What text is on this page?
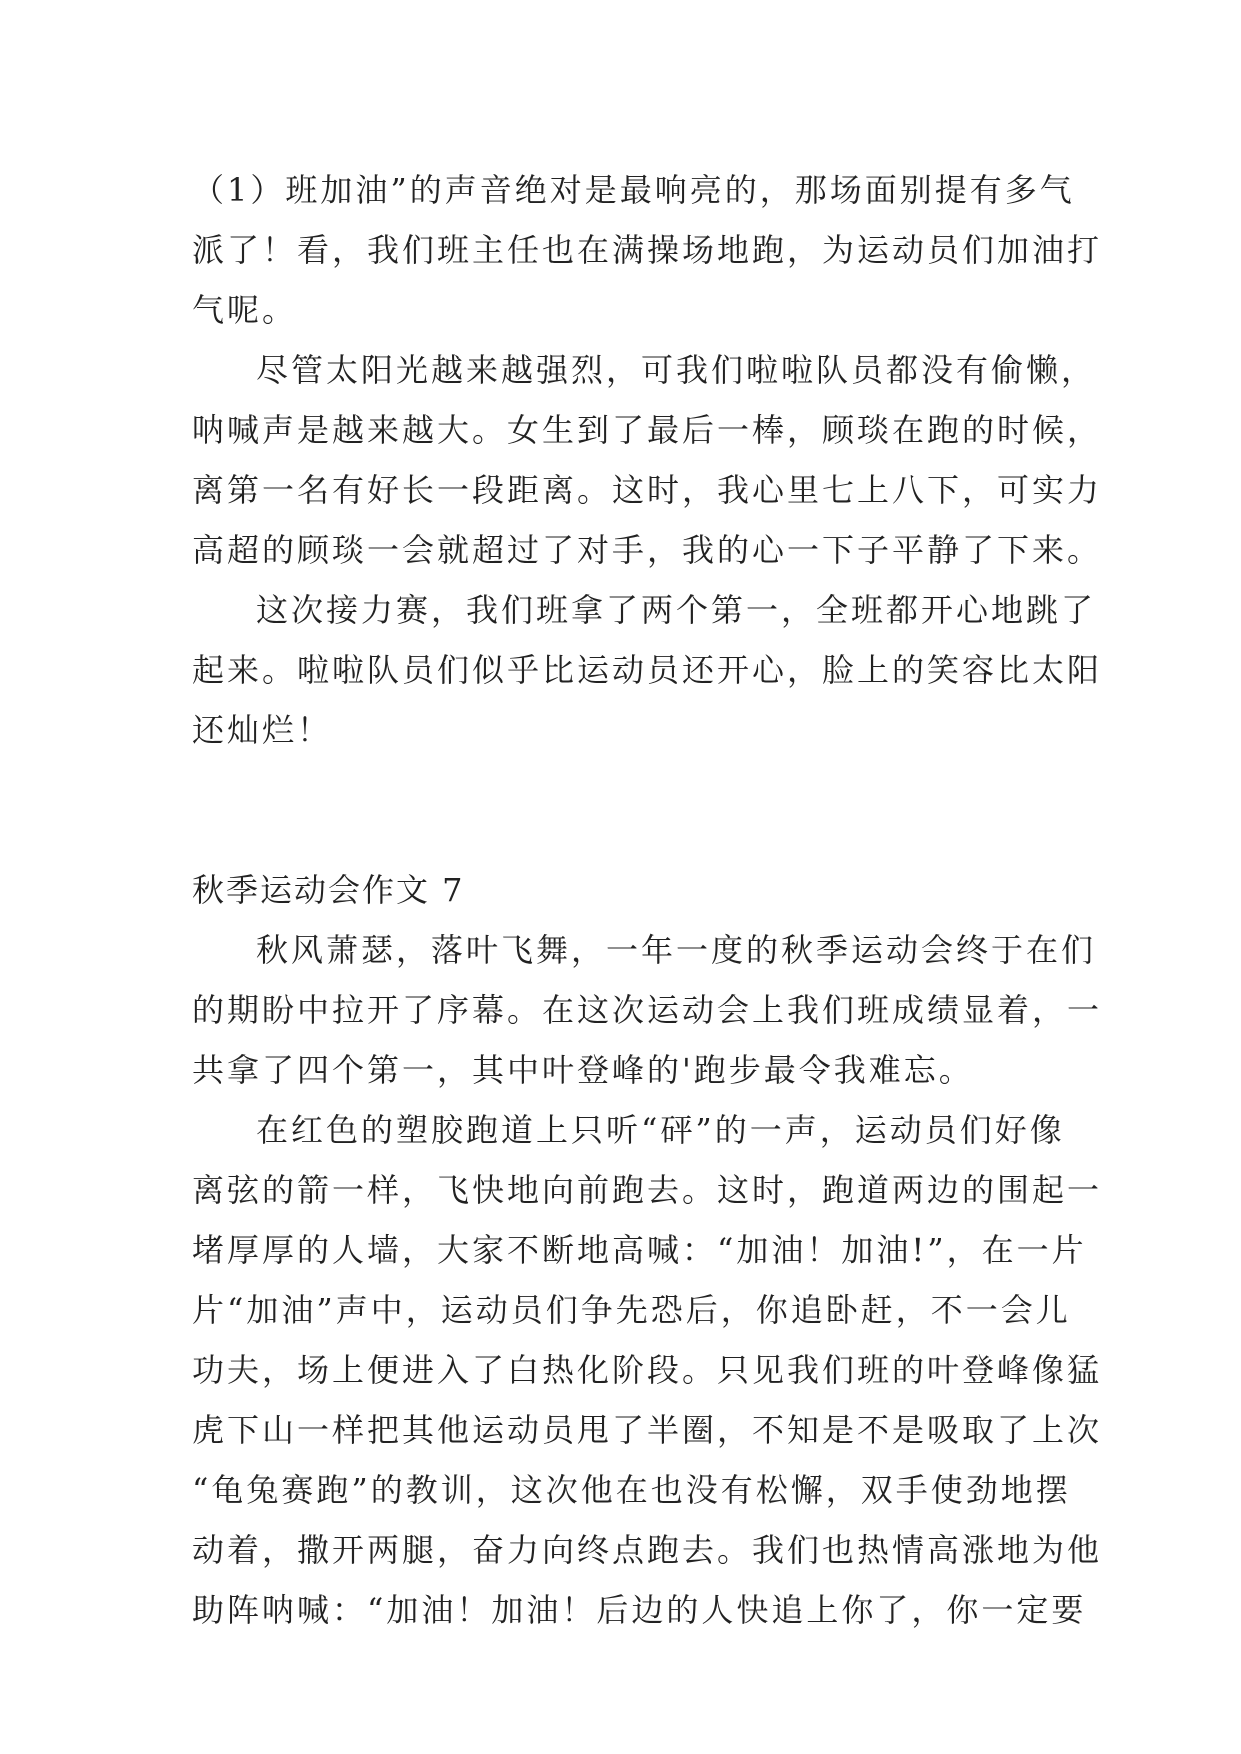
（1）班加油”的声音绝对是最响亮的，那场面别提有多气
派了！看，我们班主任也在满操场地跑，为运动员们加油打
气呢。
尽管太阳光越来越强烈，可我们啦啦队员都没有偷懒，
呐喊声是越来越大。女生到了最后一棒，顾琰在跑的时候，
离第一名有好长一段距离。这时，我心里七上八下，可实力
高超的顾琰一会就超过了对手，我的心一下子平静了下来。
这次接力赛，我们班拿了两个第一，全班都开心地跳了
起来。啦啦队员们似乎比运动员还开心，脸上的笑容比太阳
还灿烂！
秋季运动会作文 7
秋风萧瑟，落叶飞舞，一年一度的秋季运动会终于在们
的期盼中拉开了序幕。在这次运动会上我们班成绩显着，一
共拿了四个第一，其中叶登峰的'跑步最令我难忘。
在红色的塑胶跑道上只听“砰”的一声，运动员们好像
离弦的箭一样，飞快地向前跑去。这时，跑道两边的围起一
堵厚厚的人墙，大家不断地高喊：“加油！加油!”，在一片
片“加油”声中，运动员们争先恐后，你追卧赶，不一会儿
功夫，场上便进入了白热化阶段。只见我们班的叶登峰像猛
虎下山一样把其他运动员甩了半圈，不知是不是吸取了上次
“龟兔赛跑”的教训，这次他在也没有松懈，双手使劲地摆
动着，撒开两腿，奋力向终点跑去。我们也热情高涨地为他
助阵呐喊：“加油！加油！后边的人快追上你了，你一定要
